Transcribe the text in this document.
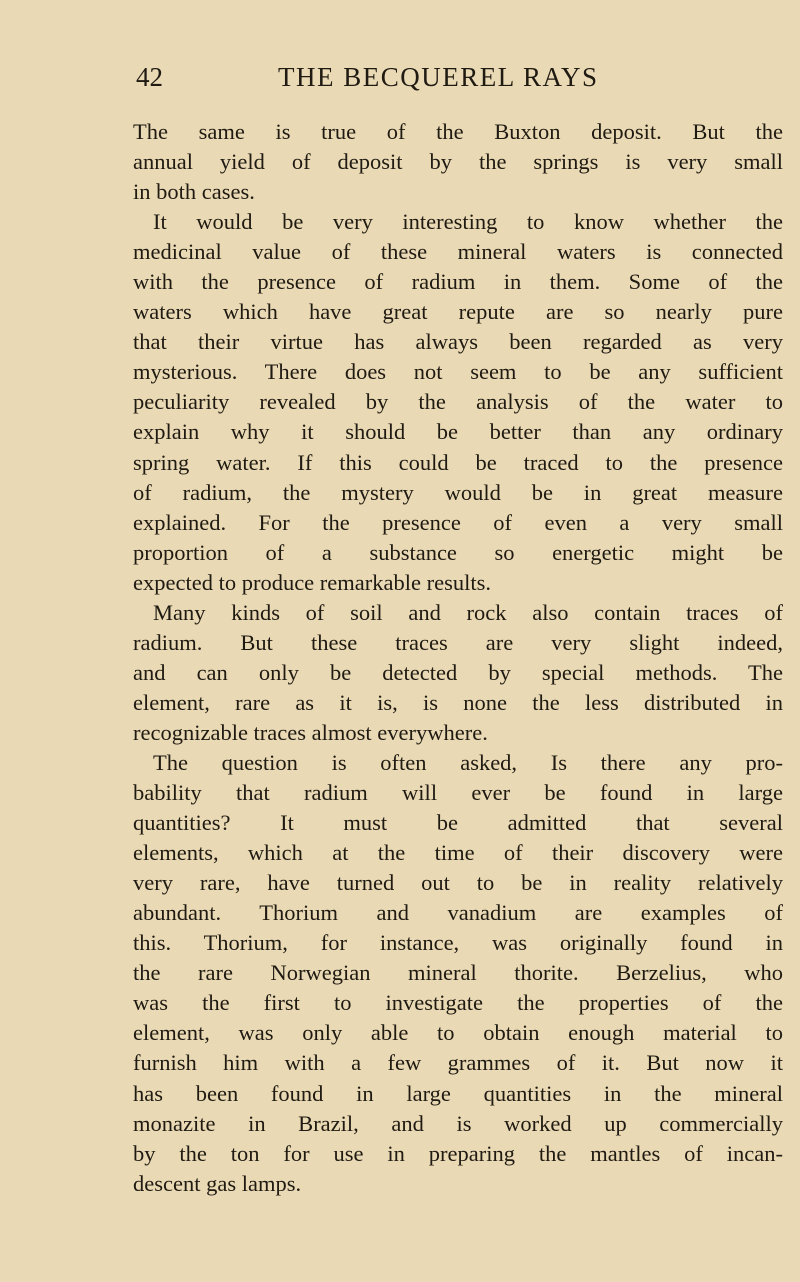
42	THE BECQUEREL RAYS
The same is true of the Buxton deposit. But the
annual yield of deposit by the springs is very small
in both cases.
It would be very interesting to know whether the
medicinal value of these mineral waters is connected
with the presence of radium in them. Some of the
waters which have great repute are so nearly pure
that their virtue has always been regarded as very
mysterious. There does not seem to be any sufficient
peculiarity revealed by the analysis of the water to
explain why it should be better than any ordinary
spring water. If this could be traced to the presence
of radium, the mystery would be in great measure
explained. For the presence of even a very small
proportion of a substance so energetic might be
expected to produce remarkable results.
Many kinds of soil and rock also contain traces of
radium. But these traces are very slight indeed,
and can only be detected by special methods. The
element, rare as it is, is none the less distributed in
recognizable traces almost everywhere.
The question is often asked, Is there any pro-
bability that radium will ever be found in large
quantities? It must be admitted that several
elements, which at the time of their discovery were
very rare, have turned out to be in reality relatively
abundant. Thorium and vanadium are examples of
this. Thorium, for instance, was originally found in
the rare Norwegian mineral thorite. Berzelius, who
was the first to investigate the properties of the
element, was only able to obtain enough material to
furnish him with a few grammes of it. But now it
has been found in large quantities in the mineral
monazite in Brazil, and is worked up commercially
by the ton for use in preparing the mantles of incan-
descent gas lamps.
